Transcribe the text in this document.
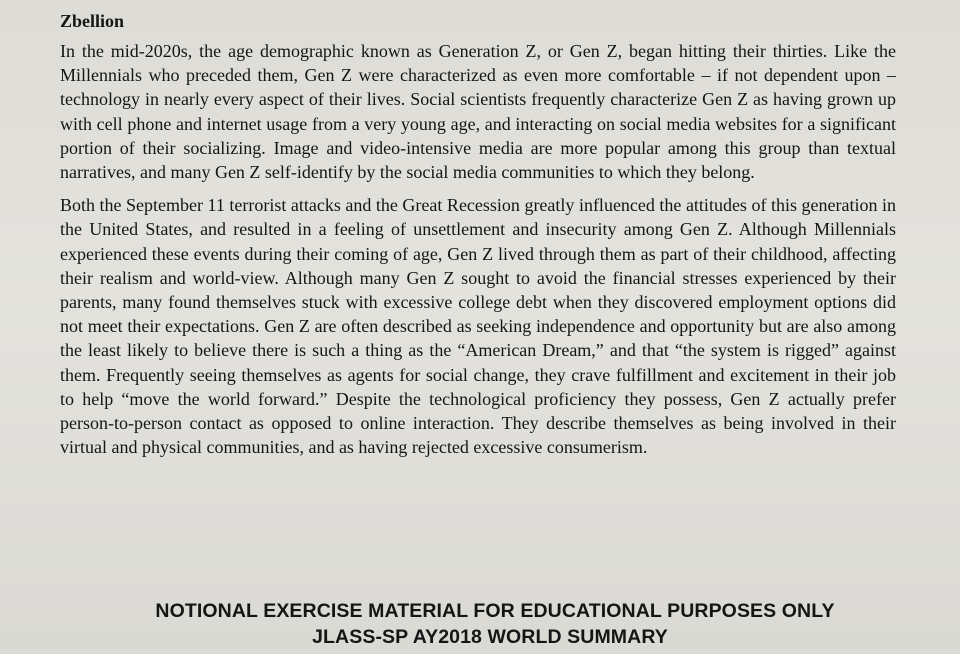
Zbellion

In the mid-2020s, the age demographic known as Generation Z, or Gen Z, began hitting their thirties. Like the Millennials who preceded them, Gen Z were characterized as even more comfortable – if not dependent upon – technology in nearly every aspect of their lives. Social scientists frequently characterize Gen Z as having grown up with cell phone and internet usage from a very young age, and interacting on social media websites for a significant portion of their socializing. Image and video-intensive media are more popular among this group than textual narratives, and many Gen Z self-identify by the social media communities to which they belong.

Both the September 11 terrorist attacks and the Great Recession greatly influenced the attitudes of this generation in the United States, and resulted in a feeling of unsettlement and insecurity among Gen Z. Although Millennials experienced these events during their coming of age, Gen Z lived through them as part of their childhood, affecting their realism and world-view. Although many Gen Z sought to avoid the financial stresses experienced by their parents, many found themselves stuck with excessive college debt when they discovered employment options did not meet their expectations. Gen Z are often described as seeking independence and opportunity but are also among the least likely to believe there is such a thing as the “American Dream,” and that “the system is rigged” against them. Frequently seeing themselves as agents for social change, they crave fulfillment and excitement in their job to help “move the world forward.” Despite the technological proficiency they possess, Gen Z actually prefer person-to-person contact as opposed to online interaction. They describe themselves as being involved in their virtual and physical communities, and as having rejected excessive consumerism.

NOTIONAL EXERCISE MATERIAL FOR EDUCATIONAL PURPOSES ONLY
JLASS-SP AY2018 WORLD SUMMARY
